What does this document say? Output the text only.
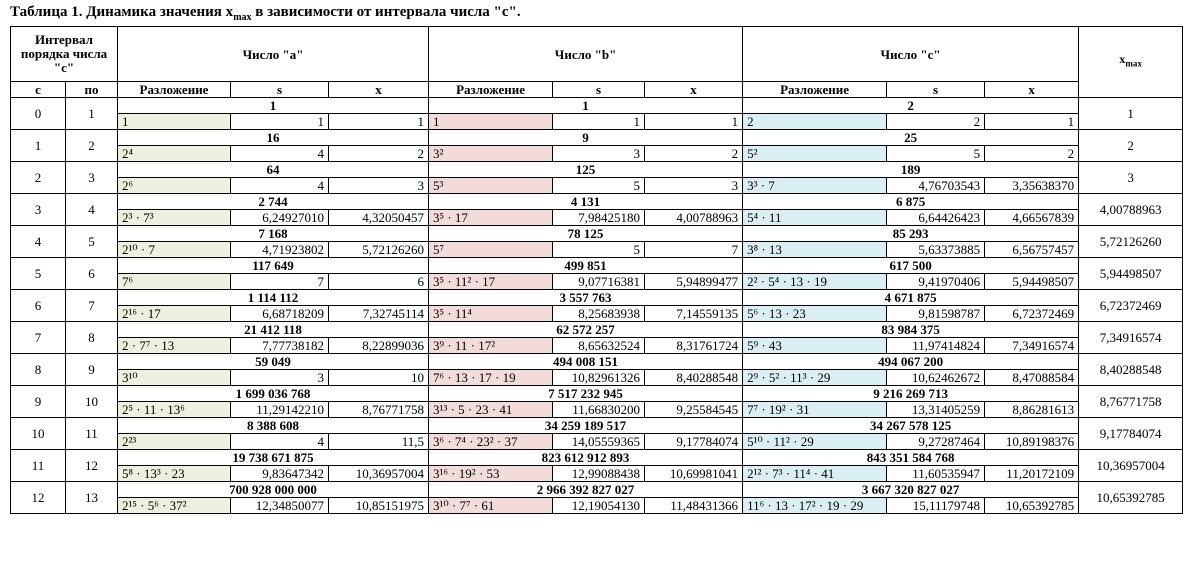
Таблица 1. Динамика значения $x_{max}$ в зависимости от интервала числа "c".
Интервал порядка числа "c"		Число "a"			Число "b"			Число "c"			$x_{max}$
с	по	Разложение	s	x	Разложение	s	x	Разложение	s	x	
0	1	1			1			2			1
		1	1	1	1	1	1	2	2	1	
1	2	16			9			25			2
		2⁴	4	2	3²	3	2	5²	5	2	
2	3	64			125			189			3
		2⁶	4	3	5³	5	3	3³ · 7	4,76703543	3,35638370	
3	4	2 744			4 131			6 875			4,00788963
		2³ · 7³	6,24927010	4,32050457	3⁵ · 17	7,98425180	4,00788963	5⁴ · 11	6,64426423	4,66567839	
4	5	7 168			78 125			85 293			5,72126260
		2¹⁰ · 7	4,71923802	5,72126260	5⁷	5	7	3⁸ · 13	5,63373885	6,56757457	
5	6	117 649			499 851			617 500			5,94498507
		7⁶	7	6	3⁵ · 11² · 17	9,07716381	5,94899477	2² · 5⁴ · 13 · 19	9,41970406	5,94498507	
6	7	1 114 112			3 557 763			4 671 875			6,72372469
		2¹⁶ · 17	6,68718209	7,32745114	3⁵ · 11⁴	8,25683938	7,14559135	5⁶ · 13 · 23	9,81598787	6,72372469	
7	8	21 412 118			62 572 257			83 984 375			7,34916574
		2 · 7⁷ · 13	7,77738182	8,22899036	3⁹ · 11 · 17²	8,65632524	8,31761724	5⁹ · 43	11,97414824	7,34916574	
8	9	59 049			494 008 151			494 067 200			8,40288548
		3¹⁰	3	10	7⁶ · 13 · 17 · 19	10,82961326	8,40288548	2⁹ · 5² · 11³ · 29	10,62462672	8,47088584	
9	10	1 699 036 768			7 517 232 945			9 216 269 713			8,76771758
		2⁵ · 11 · 13⁶	11,29142210	8,76771758	3¹³ · 5 · 23 · 41	11,66830200	9,25584545	7⁷ · 19² · 31	13,31405259	8,86281613	
10	11	8 388 608			34 259 189 517			34 267 578 125			9,17784074
		2²³	4	11,5	3⁶ · 7⁴ · 23² · 37	14,05559365	9,17784074	5¹⁰ · 11² · 29	9,27287464	10,89198376	
11	12	19 738 671 875			823 612 912 893			843 351 584 768			10,36957004
		5⁸ · 13³ · 23	9,83647342	10,36957004	3¹⁶ · 19² · 53	12,99088438	10,69981041	2¹² · 7³ · 11⁴ · 41	11,60535947	11,20172109	
12	13	700 928 000 000			2 966 392 827 027			3 667 320 827 027			10,65392785
		2¹⁵ · 5⁶ · 37²	12,34850077	10,85151975	3¹⁰ · 7⁷ · 61	12,19054130	11,48431366	11⁶ · 13 · 17² · 19 · 29	15,11179748	10,65392785	
